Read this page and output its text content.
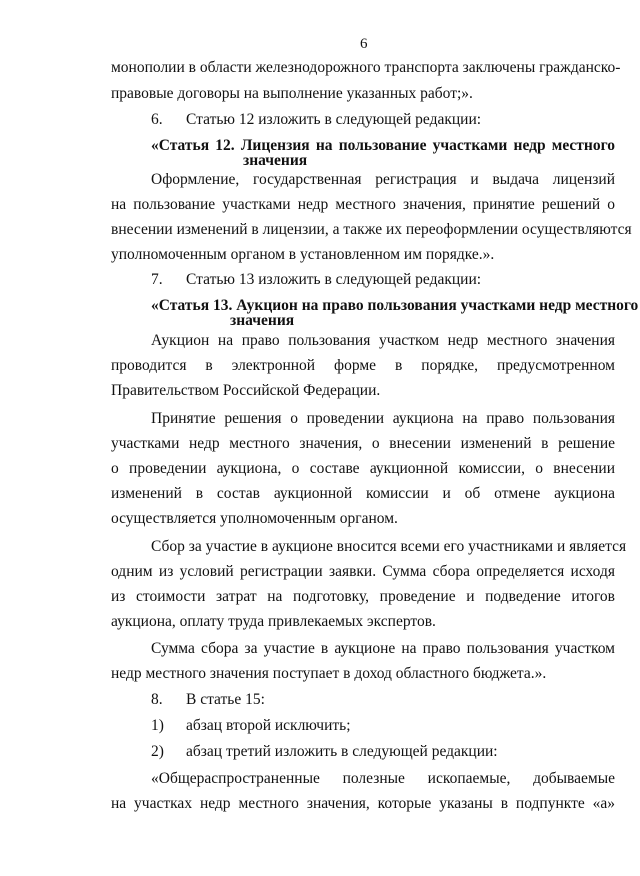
6
монополии в области железнодорожного транспорта заключены гражданско-
правовые договоры на выполнение указанных работ;».
6. Статью 12 изложить в следующей редакции:
«Статья 12. Лицензия на пользование участками недр местного
значения
Оформление, государственная регистрация и выдача лицензий
на пользование участками недр местного значения, принятие решений о
внесении изменений в лицензии, а также их переоформлении осуществляются
уполномоченным органом в установленном им порядке.».
7. Статью 13 изложить в следующей редакции:
«Статья 13. Аукцион на право пользования участками недр местного
значения
Аукцион на право пользования участком недр местного значения
проводится в электронной форме в порядке, предусмотренном
Правительством Российской Федерации.
Принятие решения о проведении аукциона на право пользования
участками недр местного значения, о внесении изменений в решение
о проведении аукциона, о составе аукционной комиссии, о внесении
изменений в состав аукционной комиссии и об отмене аукциона
осуществляется уполномоченным органом.
Сбор за участие в аукционе вносится всеми его участниками и является
одним из условий регистрации заявки. Сумма сбора определяется исходя
из стоимости затрат на подготовку, проведение и подведение итогов
аукциона, оплату труда привлекаемых экспертов.
Сумма сбора за участие в аукционе на право пользования участком
недр местного значения поступает в доход областного бюджета.».
8. В статье 15:
1) абзац второй исключить;
2) абзац третий изложить в следующей редакции:
«Общераспространенные полезные ископаемые, добываемые
на участках недр местного значения, которые указаны в подпункте «а»
